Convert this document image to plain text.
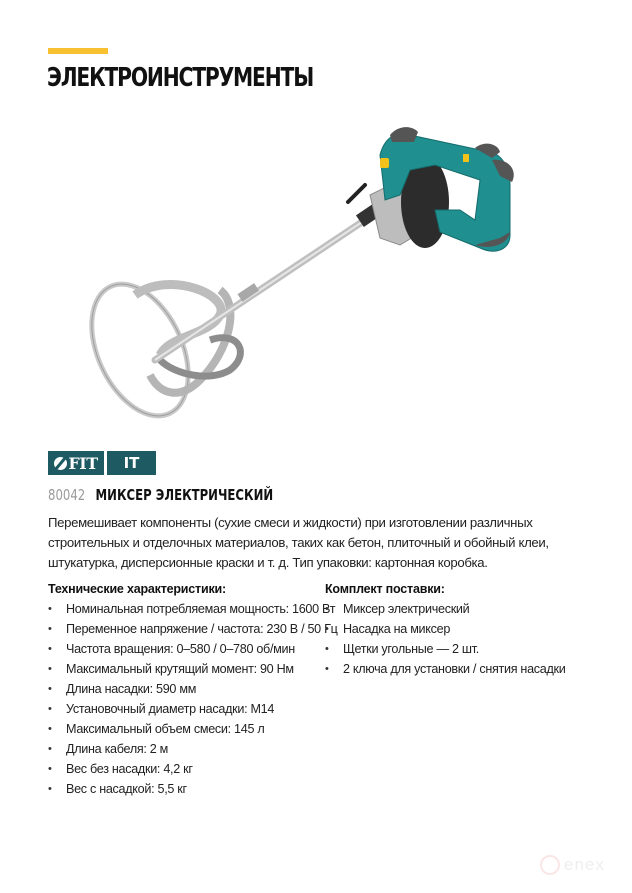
ЭЛЕКТРОИНСТРУМЕНТЫ
FIT IT
80042 МИКСЕР ЭЛЕКТРИЧЕСКИЙ

Перемешивает компоненты (сухие смеси и жидкости) при изготовлении различных строительных и отделочных материалов, таких как бетон, плиточный и обойный клеи, штукатурка, дисперсионные краски и т. д. Тип упаковки: картонная коробка.

Технические характеристики:
• Номинальная потребляемая мощность: 1600 Вт
• Переменное напряжение / частота: 230 В / 50 Гц
• Частота вращения: 0–580 / 0–780 об/мин
• Максимальный крутящий момент: 90 Нм
• Длина насадки: 590 мм
• Установочный диаметр насадки: М14
• Максимальный объем смеси: 145 л
• Длина кабеля: 2 м
• Вес без насадки: 4,2 кг
• Вес с насадкой: 5,5 кг
Комплект поставки:
• Миксер электрический
• Насадка на миксер
• Щетки угольные — 2 шт.
• 2 ключа для установки / снятия насадки
enex
